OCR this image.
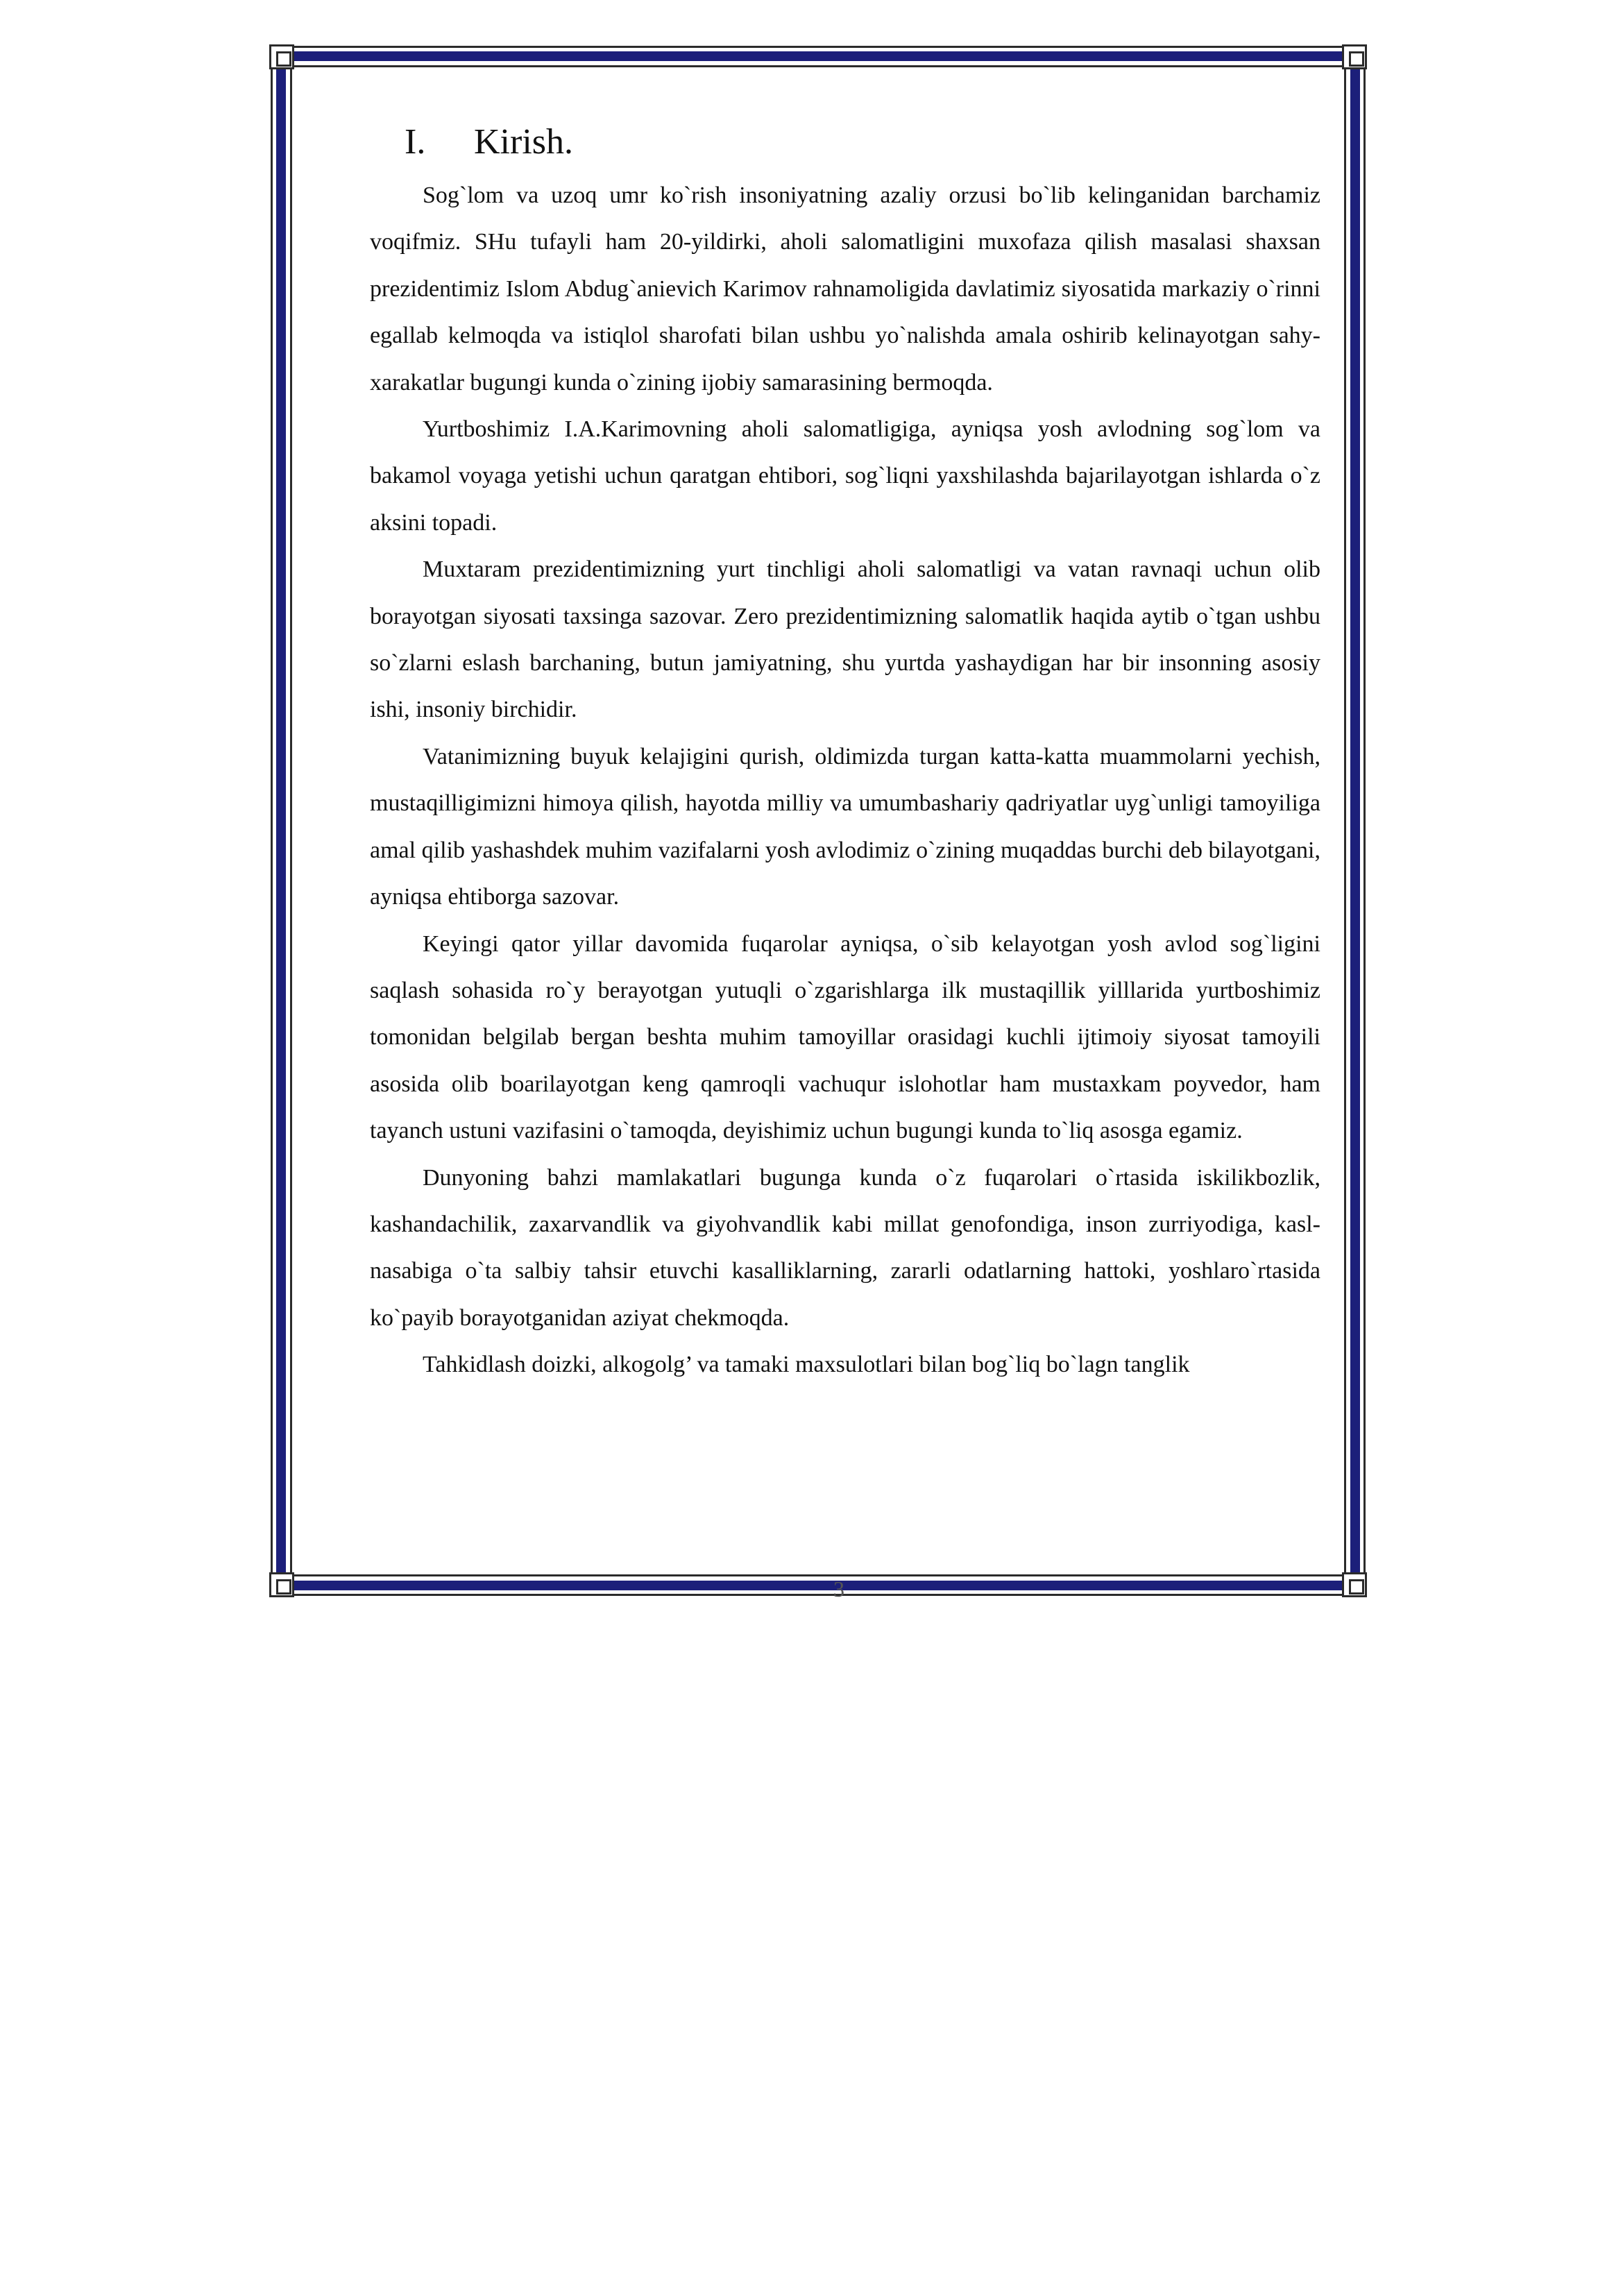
I.	Kirish.

Sog`lom va uzoq umr ko`rish insoniyatning azaliy orzusi bo`lib kelinganidan barchamiz voqifmiz. SHu tufayli ham 20-yildirki, aholi salomatligini muxofaza qilish masalasi shaxsan prezidentimiz Islom Abdug`anievich Karimov rahnamoligida davlatimiz siyosatida markaziy o`rinni egallab kelmoqda va istiqlol sharofati bilan ushbu yo`nalishda amala oshirib kelinayotgan sahy-xarakatlar bugungi kunda o`zining ijobiy samarasining bermoqda.

Yurtboshimiz I.A.Karimovning aholi salomatligiga, ayniqsa yosh avlodning sog`lom va bakamol voyaga yetishi uchun qaratgan ehtibori, sog`liqni yaxshilashda bajarilayotgan ishlarda o`z aksini topadi.

Muxtaram prezidentimizning yurt tinchligi aholi salomatligi va vatan ravnaqi uchun olib borayotgan siyosati taxsinga sazovar. Zero prezidentimizning salomatlik haqida aytib o`tgan ushbu so`zlarni eslash barchaning, butun jamiyatning, shu yurtda yashaydigan har bir insonning asosiy ishi, insoniy birchidir.

Vatanimizning buyuk kelajigini qurish, oldimizda turgan katta-katta muammolarni yechish, mustaqilligimizni himoya qilish, hayotda milliy va umumbashariy qadriyatlar uyg`unligi tamoyiliga amal qilib yashashdek muhim vazifalarni yosh avlodimiz o`zining muqaddas burchi deb bilayotgani, ayniqsa ehtiborga sazovar.

Keyingi qator yillar davomida fuqarolar ayniqsa, o`sib kelayotgan yosh avlod sog`ligini saqlash sohasida ro`y berayotgan yutuqli o`zgarishlarga ilk mustaqillik yilllarida yurtboshimiz tomonidan belgilab bergan beshta muhim tamoyillar orasidagi kuchli ijtimoiy siyosat tamoyili asosida olib boarilayotgan keng qamroqli vachuqur islohotlar ham mustaxkam poyvedor, ham tayanch ustuni vazifasini o`tamoqda, deyishimiz uchun bugungi kunda to`liq asosga egamiz.

Dunyoning bahzi mamlakatlari bugunga kunda o`z fuqarolari o`rtasida iskilikbozlik, kashandachilik, zaxarvandlik va giyohvandlik kabi millat genofondiga, inson zurriyodiga, kasl-nasabiga o`ta salbiy tahsir etuvchi kasalliklarning, zararli odatlarning hattoki, yoshlaro`rtasida ko`payib borayotganidan aziyat chekmoqda.

Tahkidlash doizki, alkogolg’ va tamaki maxsulotlari bilan bog`liq bo`lagn tanglik

3
